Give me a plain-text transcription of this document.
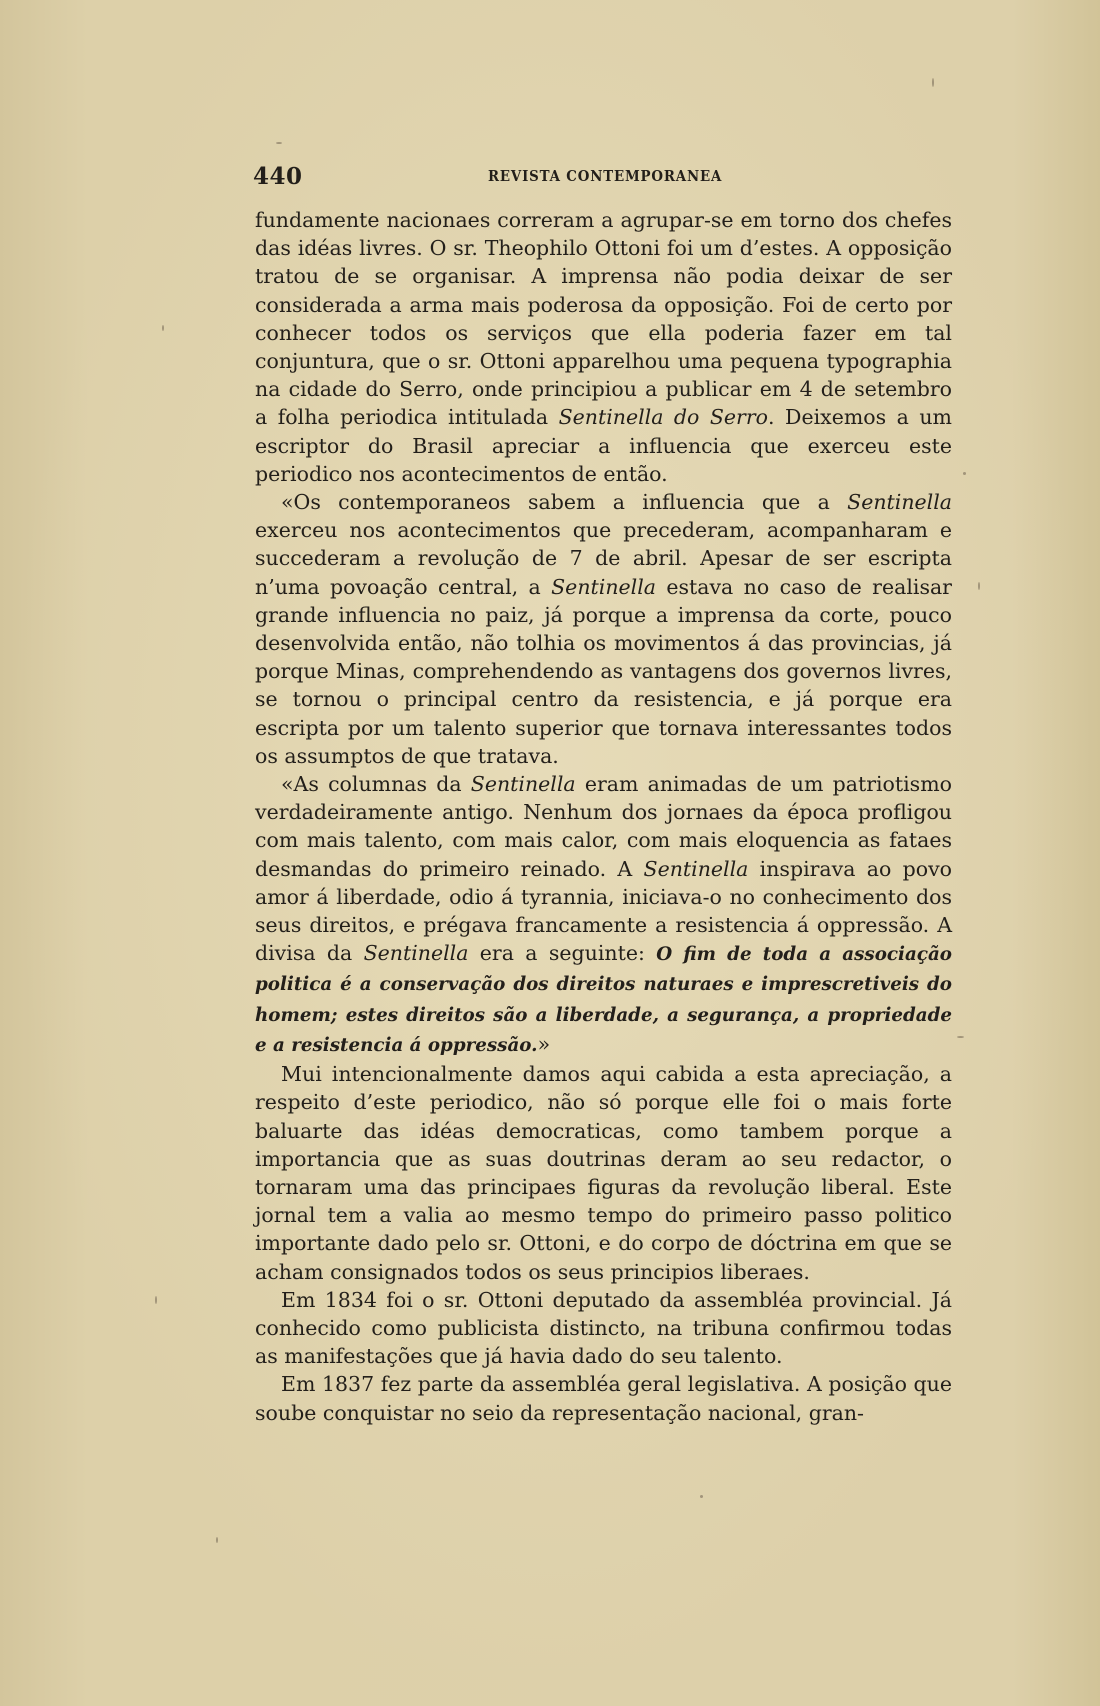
440	REVISTA CONTEMPORANEA

fundamente nacionaes correram a agrupar-se em torno dos chefes das idéas livres. O sr. Theophilo Ottoni foi um d’estes. A opposição tratou de se organisar. A imprensa não podia deixar de ser considerada a arma mais poderosa da opposição. Foi de certo por conhecer todos os serviços que ella poderia fazer em tal conjuntura, que o sr. Ottoni apparelhou uma pequena typographia na cidade do Serro, onde principiou a publicar em 4 de setembro a folha periodica intitulada Sentinella do Serro. Deixemos a um escriptor do Brasil apreciar a influencia que exerceu este periodico nos acontecimentos de então.

«Os contemporaneos sabem a influencia que a Sentinella exerceu nos acontecimentos que precederam, acompanharam e succederam a revolução de 7 de abril. Apesar de ser escripta n’uma povoação central, a Sentinella estava no caso de realisar grande influencia no paiz, já porque a imprensa da corte, pouco desenvolvida então, não tolhia os movimentos á das provincias, já porque Minas, comprehendendo as vantagens dos governos livres, se tornou o principal centro da resistencia, e já porque era escripta por um talento superior que tornava interessantes todos os assumptos de que tratava.

«As columnas da Sentinella eram animadas de um patriotismo verdadeiramente antigo. Nenhum dos jornaes da época profligou com mais talento, com mais calor, com mais eloquencia as fataes desmandas do primeiro reinado. A Sentinella inspirava ao povo amor á liberdade, odio á tyrannia, iniciava-o no conhecimento dos seus direitos, e prégava francamente a resistencia á oppressão. A divisa da Sentinella era a seguinte: O fim de toda a associação politica é a conservação dos direitos naturaes e imprescretiveis do homem; estes direitos são a liberdade, a segurança, a propriedade e a resistencia á oppressão.»

Mui intencionalmente damos aqui cabida a esta apreciação, a respeito d’este periodico, não só porque elle foi o mais forte baluarte das idéas democraticas, como tambem porque a importancia que as suas doutrinas deram ao seu redactor, o tornaram uma das principaes figuras da revolução liberal. Este jornal tem a valia ao mesmo tempo do primeiro passo politico importante dado pelo sr. Ottoni, e do corpo de dóctrina em que se acham consignados todos os seus principios liberaes.

Em 1834 foi o sr. Ottoni deputado da assembléa provincial. Já conhecido como publicista distincto, na tribuna confirmou todas as manifestações que já havia dado do seu talento.

Em 1837 fez parte da assembléa geral legislativa. A posição que soube conquistar no seio da representação nacional, gran-
